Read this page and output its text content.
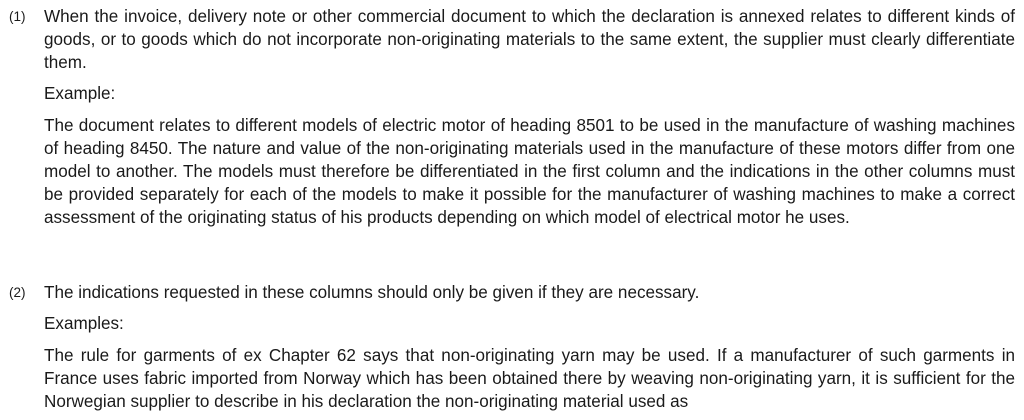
(1) When the invoice, delivery note or other commercial document to which the declaration is annexed relates to different kinds of goods, or to goods which do not incorporate non-originating materials to the same extent, the supplier must clearly differentiate them.

Example:

The document relates to different models of electric motor of heading 8501 to be used in the manufacture of washing machines of heading 8450. The nature and value of the non-originating materials used in the manufacture of these motors differ from one model to another. The models must therefore be differentiated in the first column and the indications in the other columns must be provided separately for each of the models to make it possible for the manufacturer of washing machines to make a correct assessment of the originating status of his products depending on which model of electrical motor he uses.

(2) The indications requested in these columns should only be given if they are necessary.

Examples:

The rule for garments of ex Chapter 62 says that non-originating yarn may be used. If a manufacturer of such garments in France uses fabric imported from Norway which has been obtained there by weaving non-originating yarn, it is sufficient for the Norwegian supplier to describe in his declaration the non-originating material used as
